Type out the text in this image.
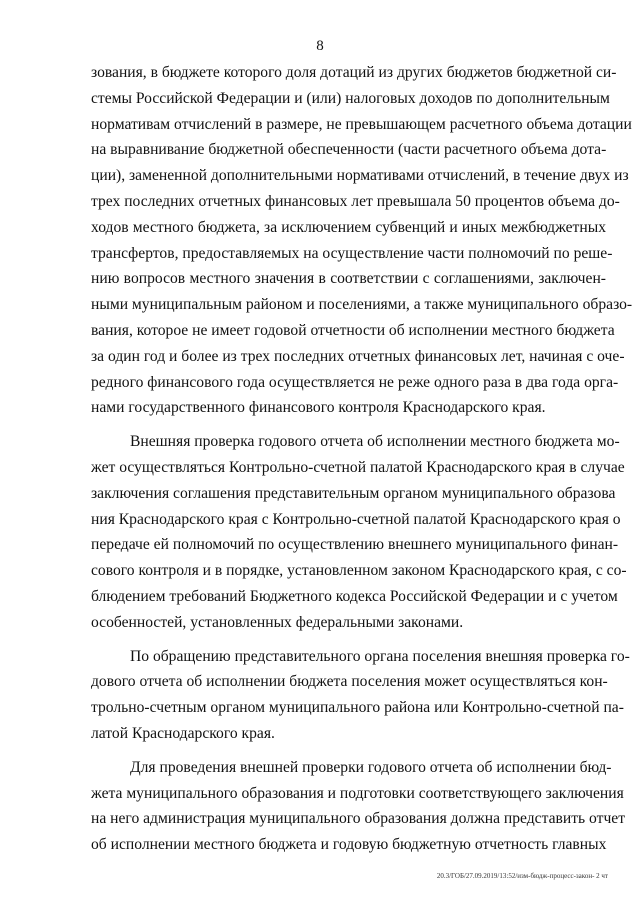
8
зования, в бюджете которого доля дотаций из других бюджетов бюджетной си-
стемы Российской Федерации и (или) налоговых доходов по дополнительным
нормативам отчислений в размере, не превышающем расчетного объема дотации
на выравнивание бюджетной обеспеченности (части расчетного объема дота-
ции), замененной дополнительными нормативами отчислений, в течение двух из
трех последних отчетных финансовых лет превышала 50 процентов объема до-
ходов местного бюджета, за исключением субвенций и иных межбюджетных
трансфертов, предоставляемых на осуществление части полномочий по реше-
нию вопросов местного значения в соответствии с соглашениями, заключен-
ными муниципальным районом и поселениями, а также муниципального образо-
вания, которое не имеет годовой отчетности об исполнении местного бюджета
за один год и более из трех последних отчетных финансовых лет, начиная с оче-
редного финансового года осуществляется не реже одного раза в два года орга-
нами государственного финансового контроля Краснодарского края.
Внешняя проверка годового отчета об исполнении местного бюджета мо-
жет осуществляться Контрольно-счетной палатой Краснодарского края в случае
заключения соглашения представительным органом муниципального образова
ния Краснодарского края с Контрольно-счетной палатой Краснодарского края о
передаче ей полномочий по осуществлению внешнего муниципального финан-
сового контроля и в порядке, установленном законом Краснодарского края, с со-
блюдением требований Бюджетного кодекса Российской Федерации и с учетом
особенностей, установленных федеральными законами.
По обращению представительного органа поселения внешняя проверка го-
дового отчета об исполнении бюджета поселения может осуществляться кон-
трольно-счетным органом муниципального района или Контрольно-счетной па-
латой Краснодарского края.
Для проведения внешней проверки годового отчета об исполнении бюд-
жета муниципального образования и подготовки соответствующего заключения
на него администрация муниципального образования должна представить отчет
об исполнении местного бюджета и годовую бюджетную отчетность главных
20.3/ГОБ/27.09.2019/13:52/изм-бюдж-процесс-закон- 2 чт
